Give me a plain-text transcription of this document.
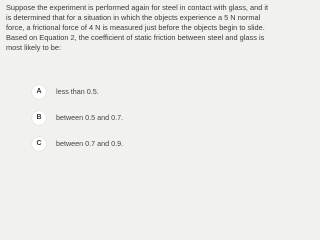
Suppose the experiment is performed again for steel in contact with glass, and it
is determined that for a situation in which the objects experience a 5 N normal
force, a frictional force of 4 N is measured just before the objects begin to slide.
Based on Equation 2, the coefficient of static friction between steel and glass is
most likely to be:
A	less than 0.5.
B	between 0.5 and 0.7.
C	between 0.7 and 0.9.
